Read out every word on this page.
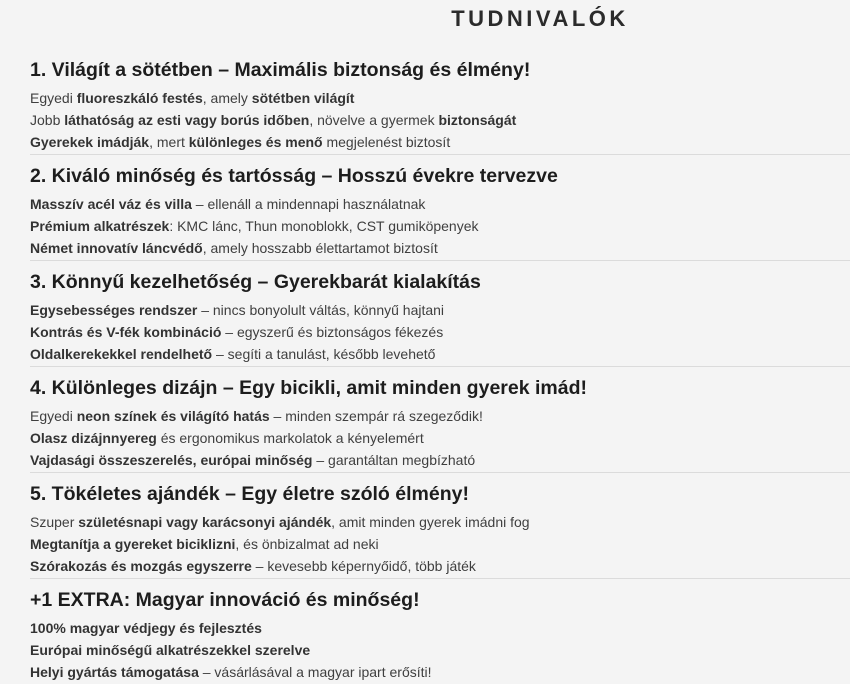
TUDNIVALÓK
1. Világít a sötétben – Maximális biztonság és élmény!

Egyedi fluoreszkáló festés, amely sötétben világít

Jobb láthatóság az esti vagy borús időben, növelve a gyermek biztonságát

Gyerekek imádják, mert különleges és menő megjelenést biztosít

2. Kiváló minőség és tartósság – Hosszú évekre tervezve

Masszív acél váz és villa – ellenáll a mindennapi használatnak

Prémium alkatrészek: KMC lánc, Thun monoblokk, CST gumiköpenyek

Német innovatív láncvédő, amely hosszabb élettartamot biztosít

3. Könnyű kezelhetőség – Gyerekbarát kialakítás

Egysebességes rendszer – nincs bonyolult váltás, könnyű hajtani

Kontrás és V-fék kombináció – egyszerű és biztonságos fékezés

Oldalkerekekkel rendelhető – segíti a tanulást, később levehető

4. Különleges dizájn – Egy bicikli, amit minden gyerek imád!

Egyedi neon színek és világító hatás – minden szempár rá szegeződik!

Olasz dizájnnyereg és ergonomikus markolatok a kényelemért

Vajdasági összeszerelés, európai minőség – garantáltan megbízható

5. Tökéletes ajándék – Egy életre szóló élmény!

Szuper születésnapi vagy karácsonyi ajándék, amit minden gyerek imádni fog

Megtanítja a gyereket biciklizni, és önbizalmat ad neki

Szórakozás és mozgás egyszerre – kevesebb képernyőidő, több játék

+1 EXTRA: Magyar innováció és minőség!

100% magyar védjegy és fejlesztés

Európai minőségű alkatrészekkel szerelve

Helyi gyártás támogatása – vásárlásával a magyar ipart erősíti!
